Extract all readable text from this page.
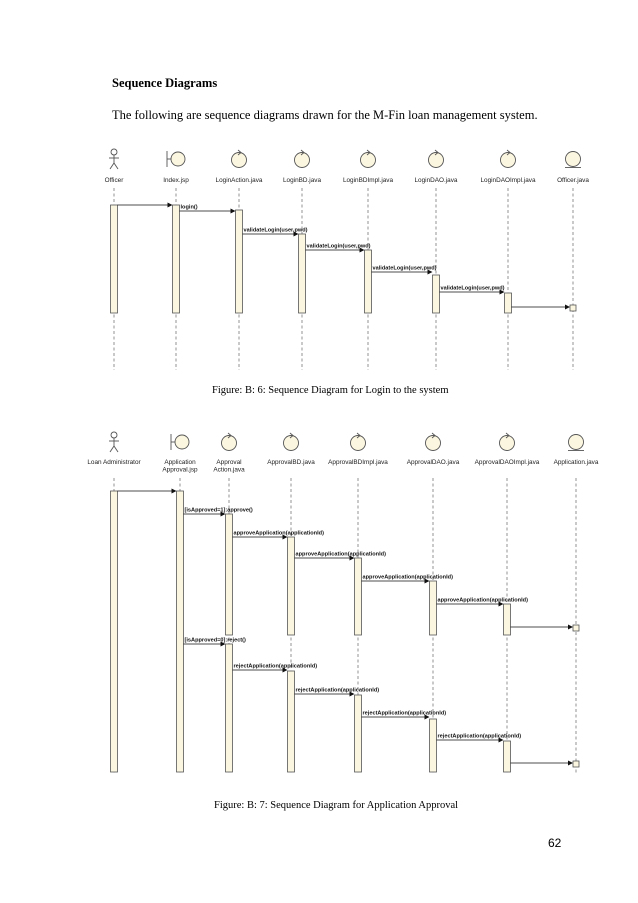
Sequence Diagrams
The following are sequence diagrams drawn for the M-Fin loan management system.
Officer	Index.jsp	LoginAction.java	LoginBD.java	LoginBDImpl.java	LoginDAO.java	LoginDAOImpl.java	Officer.java
login()
validateLogin(user,pwd)
validateLogin(user,pwd)
validateLogin(user,pwd)
validateLogin(user,pwd)
Loan Administrator	Application
Approval.jsp
Approval
Action.java
ApprovalBD.java ApprovalBDImpl.java	ApprovalDAO.java ApprovalDAOImpl.java Application.java
[isApproved=1]:approve()
approveApplication(applicationId)
approveApplication(applicationId)
approveApplication(applicationId)
approveApplication(applicationId)
[isApproved=0]:reject()
rejectApplication(applicationId)
rejectApplication(applicationId)
rejectApplication(applicationId)
rejectApplication(applicationId)
Figure: B: 6: Sequence Diagram for Login to the system
Figure: B: 7: Sequence Diagram for Application Approval
62
